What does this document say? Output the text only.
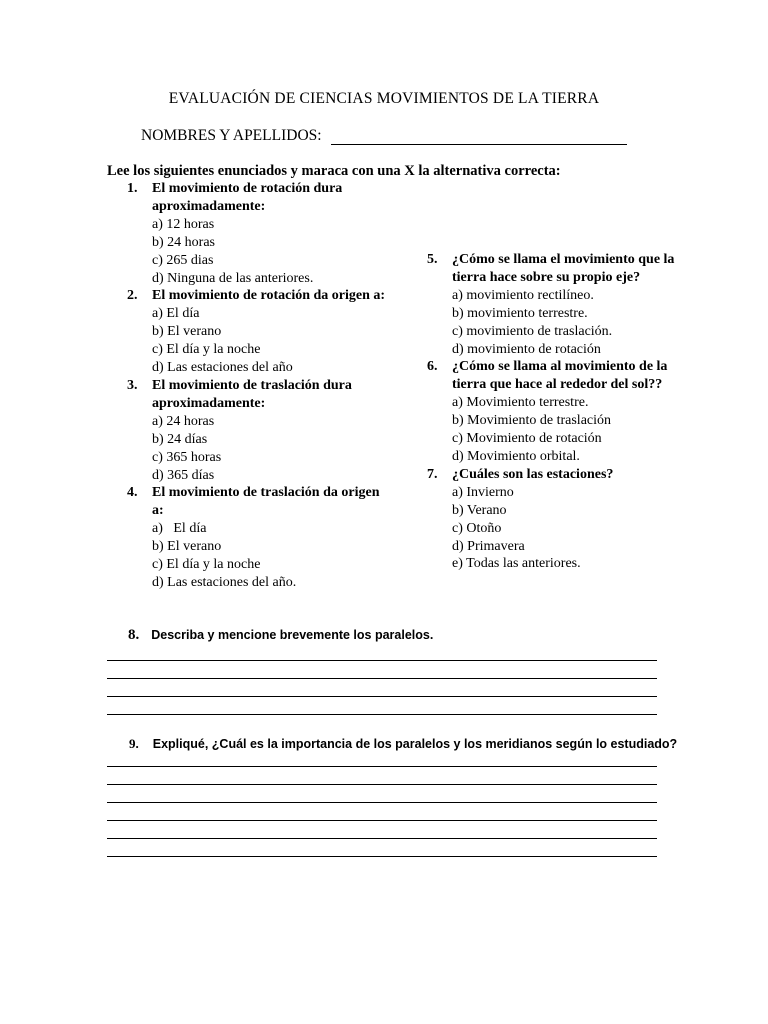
EVALUACIÓN DE CIENCIAS MOVIMIENTOS DE LA TIERRA
NOMBRES Y APELLIDOS:
Lee los siguientes enunciados y maraca con una X la alternativa correcta:
1.	El movimiento de rotación dura aproximadamente:
a) 12 horas
b) 24 horas
c) 265 dias
d) Ninguna de las anteriores.
2.	El movimiento de rotación da origen a:
a) El día
b) El verano
c) El día y la noche
d) Las estaciones del año
3.	El movimiento de traslación dura aproximadamente:
a) 24 horas
b) 24 días
c) 365 horas
d) 365 días
4.	El movimiento de traslación da origen a:
a)   El día
b) El verano
c) El día y la noche
d) Las estaciones del año.
5.	¿Cómo se llama el movimiento que la tierra hace sobre su propio eje?
a) movimiento rectilíneo.
b) movimiento terrestre.
c) movimiento de traslación.
d) movimiento de rotación
6.	¿Cómo se llama al movimiento de la tierra que hace al rededor del sol??
a) Movimiento terrestre.
b) Movimiento de traslación
c) Movimiento de rotación
d) Movimiento orbital.
7.	¿Cuáles son las estaciones?
a) Invierno
b) Verano
c) Otoño
d) Primavera
e) Todas las anteriores.
8. Describa y mencione brevemente los paralelos.
9. Expliqué, ¿Cuál es la importancia de los paralelos y los meridianos según lo estudiado?
